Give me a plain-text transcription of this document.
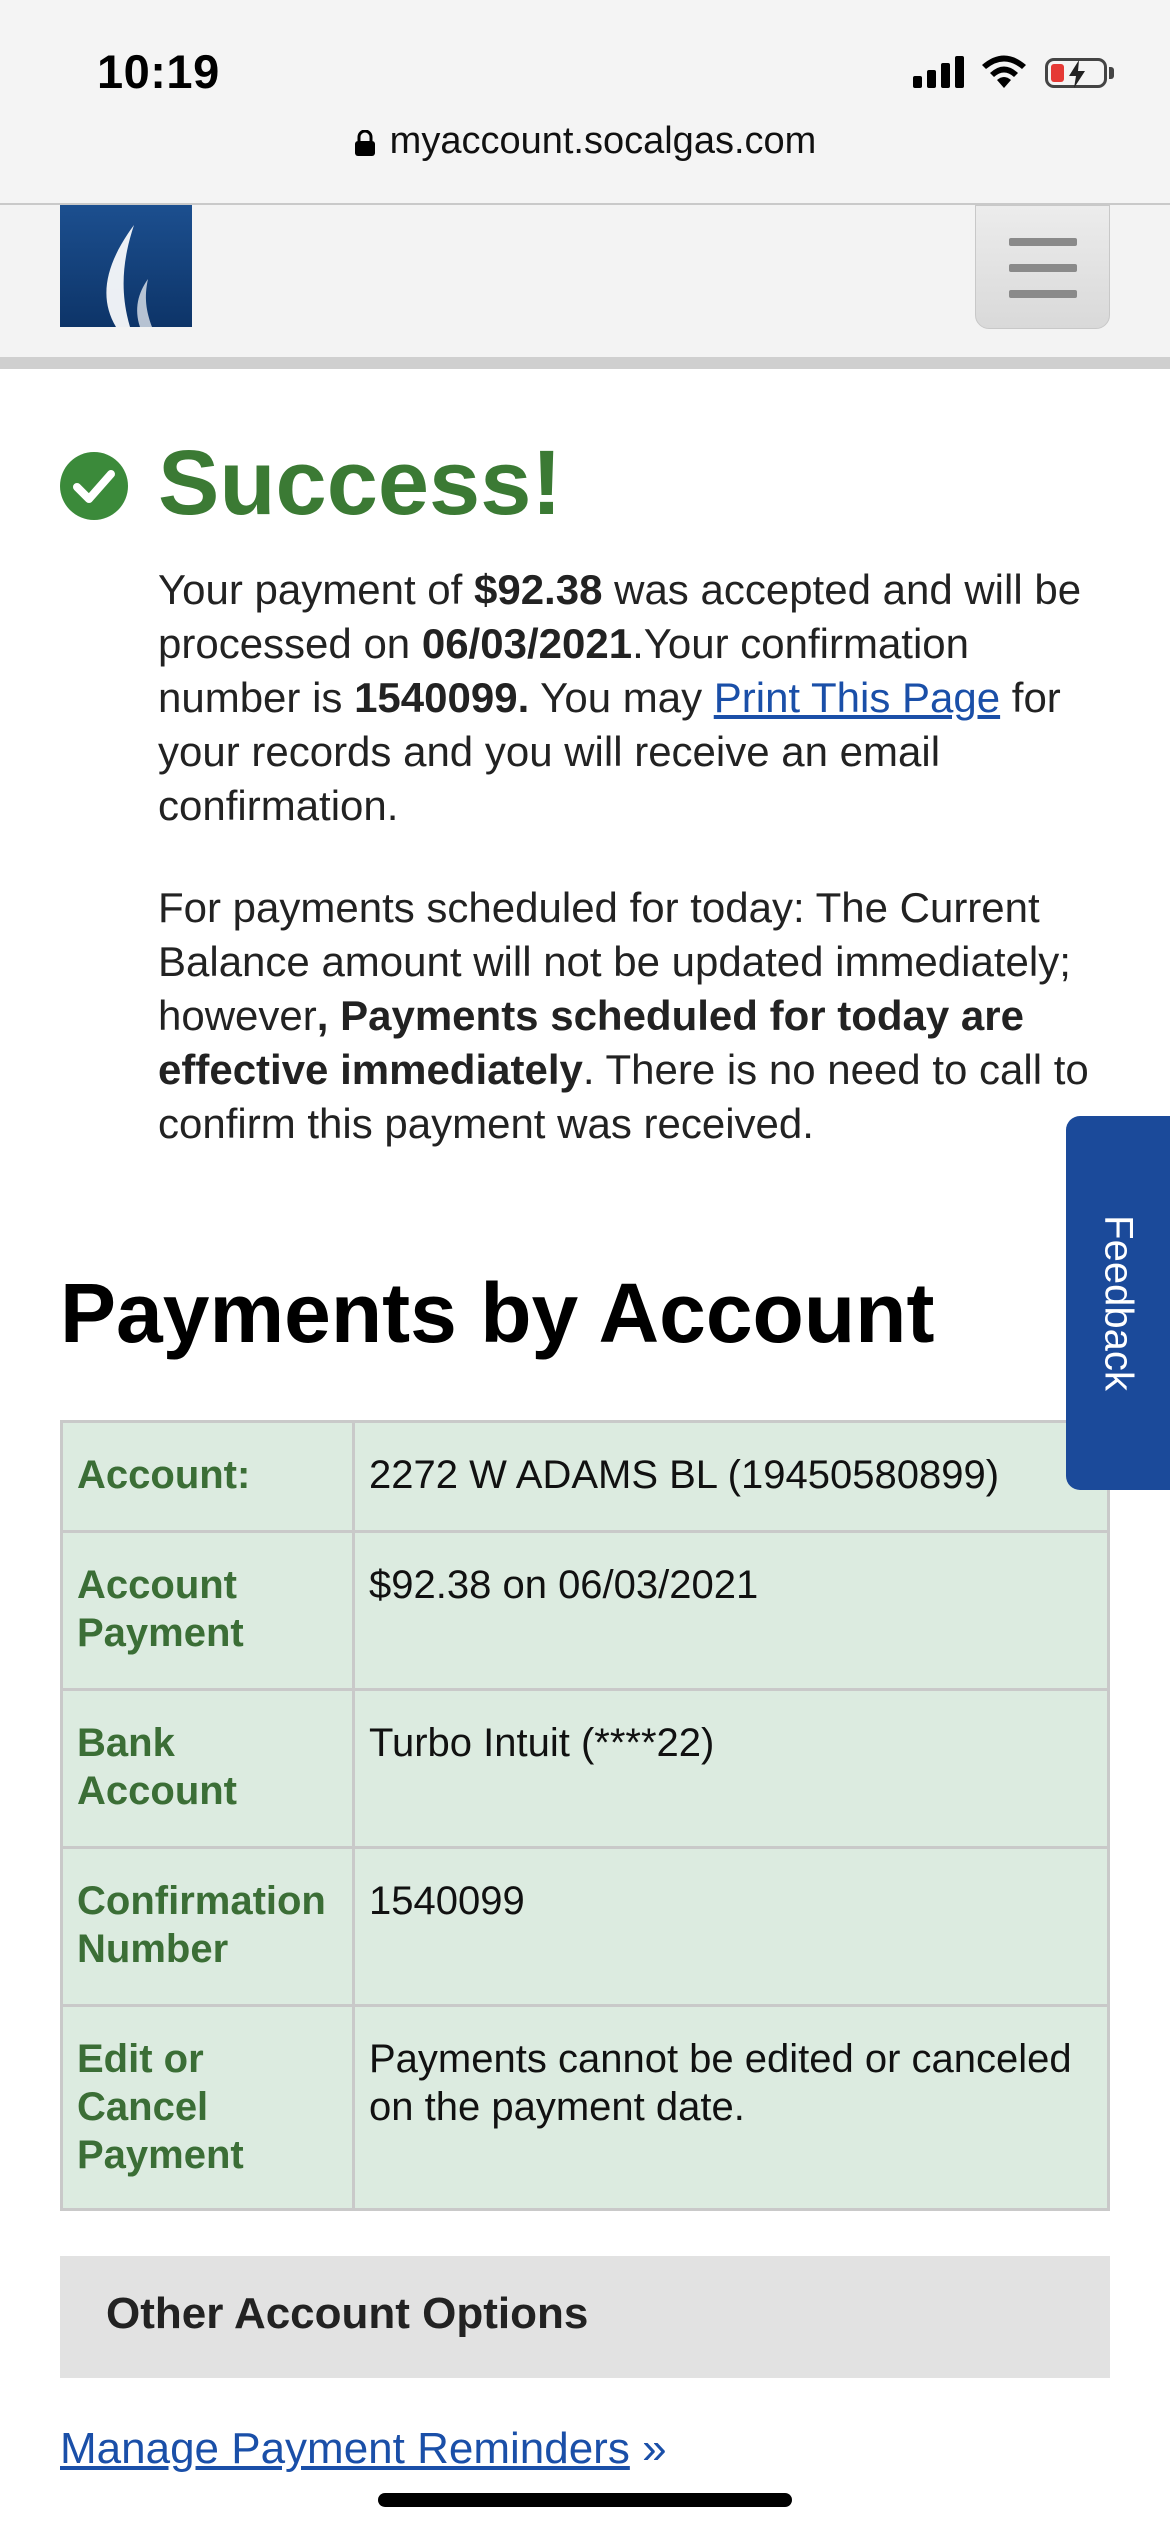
10:19
myaccount.socalgas.com
Success!
Your payment of $92.38 was accepted and will be processed on 06/03/2021.Your confirmation number is 1540099. You may Print This Page for your records and you will receive an email confirmation.
For payments scheduled for today: The Current Balance amount will not be updated immediately; however, Payments scheduled for today are effective immediately. There is no need to call to confirm this payment was received.
Payments by Account
Account:	2272 W ADAMS BL (19450580899)
Account Payment	$92.38 on 06/03/2021
Bank Account	Turbo Intuit (****22)
Confirmation Number	1540099
Edit or Cancel Payment	Payments cannot be edited or canceled on the payment date.
Other Account Options
Manage Payment Reminders »
Feedback
